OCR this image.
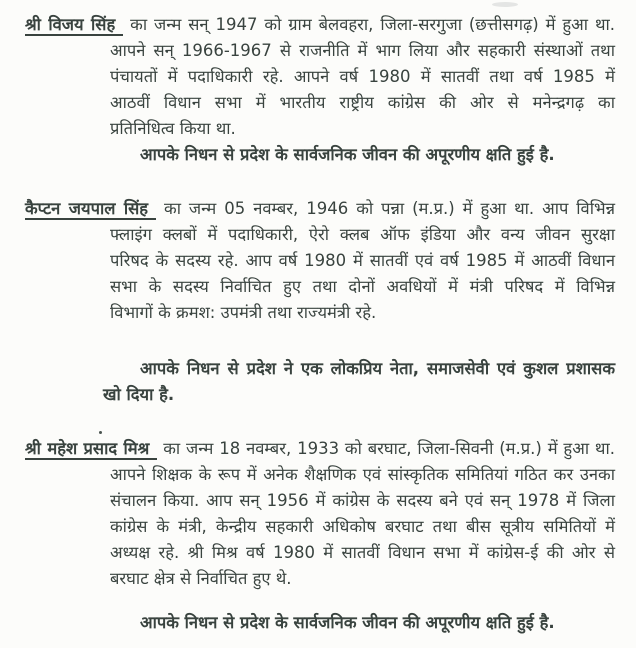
श्री विजय सिंह का जन्म सन् 1947 को ग्राम बेलवहरा, जिला-सरगुजा (छत्तीसगढ़) में हुआ था.
आपने सन् 1966-1967 से राजनीति में भाग लिया और सहकारी संस्थाओं तथा
पंचायतों में पदाधिकारी रहे. आपने वर्ष 1980 में सातवीं तथा वर्ष 1985 में
आठवीं विधान सभा में भारतीय राष्ट्रीय कांग्रेस की ओर से मनेन्द्रगढ़ का
प्रतिनिधित्व किया था.
आपके निधन से प्रदेश के सार्वजनिक जीवन की अपूरणीय क्षति हुई है.
कैप्टन जयपाल सिंह का जन्म 05 नवम्बर, 1946 को पन्ना (म.प्र.) में हुआ था. आप विभिन्न
फ्लाइंग क्लबों में पदाधिकारी, ऐरो क्लब ऑफ इंडिया और वन्य जीवन सुरक्षा
परिषद के सदस्य रहे. आप वर्ष 1980 में सातवीं एवं वर्ष 1985 में आठवीं विधान
सभा के सदस्य निर्वाचित हुए तथा दोनों अवधियों में मंत्री परिषद में विभिन्न
विभागों के क्रमश: उपमंत्री तथा राज्यमंत्री रहे.
आपके निधन से प्रदेश ने एक लोकप्रिय नेता, समाजसेवी एवं कुशल प्रशासक
खो दिया है.
श्री महेश प्रसाद मिश्र का जन्म 18 नवम्बर, 1933 को बरघाट, जिला-सिवनी (म.प्र.) में हुआ था.
आपने शिक्षक के रूप में अनेक शैक्षणिक एवं सांस्कृतिक समितियां गठित कर उनका
संचालन किया. आप सन् 1956 में कांग्रेस के सदस्य बने एवं सन् 1978 में जिला
कांग्रेस के मंत्री, केन्द्रीय सहकारी अधिकोष बरघाट तथा बीस सूत्रीय समितियों में
अध्यक्ष रहे. श्री मिश्र वर्ष 1980 में सातवीं विधान सभा में कांग्रेस-ई की ओर से
बरघाट क्षेत्र से निर्वाचित हुए थे.
आपके निधन से प्रदेश के सार्वजनिक जीवन की अपूरणीय क्षति हुई है.
